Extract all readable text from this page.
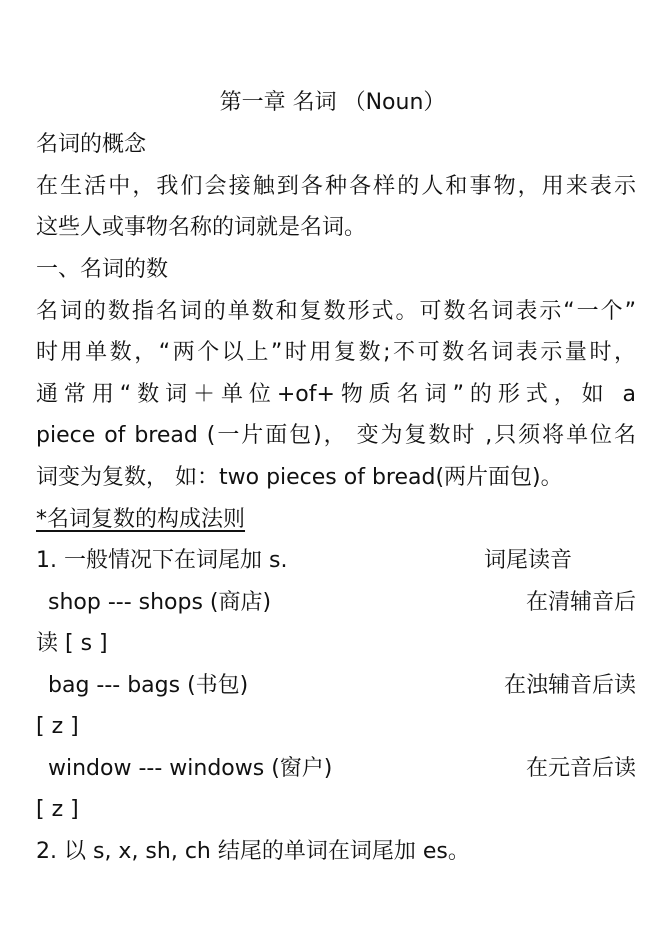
第一章 名词 （Noun）
名词的概念
在生活中，我们会接触到各种各样的人和事物，用来表示
这些人或事物名称的词就是名词。
一、名词的数
名词的数指名词的单数和复数形式。可数名词表示“一个”
时用单数，“两个以上”时用复数;不可数名词表示量时，
通常用“数词＋单位+of+物质名词”的形式，如 a
piece of bread (一片面包)， 变为复数时 ,只须将单位名
词变为复数， 如：two pieces of bread(两片面包)。
*名词复数的构成法则
1. 一般情况下在词尾加 s.	词尾读音
shop --- shops (商店)	在清辅音后
读 [ s ]
bag --- bags (书包)	在浊辅音后读
[ z ]
window --- windows (窗户)	在元音后读
[ z ]
2. 以 s, x, sh, ch 结尾的单词在词尾加 es。
